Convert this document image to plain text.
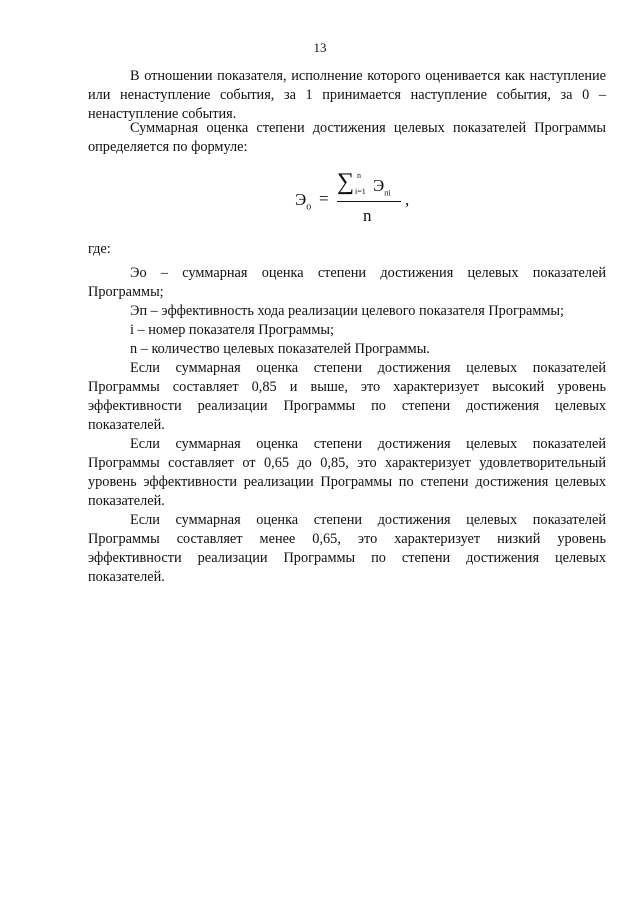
13

В отношении показателя, исполнение которого оценивается как наступление или ненаступление события, за 1 принимается наступление события, за 0 – ненаступление события.

Суммарная оценка степени достижения целевых показателей Программы определяется по формуле:

$Э_о$ =
∑ n
i=1 $Э_{пi}$
n
,
где:

Эо – суммарная оценка степени достижения целевых показателей Программы;

Эп – эффективность хода реализации целевого показателя Программы;

i – номер показателя Программы;

n – количество целевых показателей Программы.

Если суммарная оценка степени достижения целевых показателей Программы составляет 0,85 и выше, это характеризует высокий уровень эффективности реализации Программы по степени достижения целевых показателей.

Если суммарная оценка степени достижения целевых показателей Программы составляет от 0,65 до 0,85, это характеризует удовлетворительный уровень эффективности реализации Программы по степени достижения целевых показателей.

Если суммарная оценка степени достижения целевых показателей Программы составляет менее 0,65, это характеризует низкий уровень эффективности реализации Программы по степени достижения целевых показателей.
